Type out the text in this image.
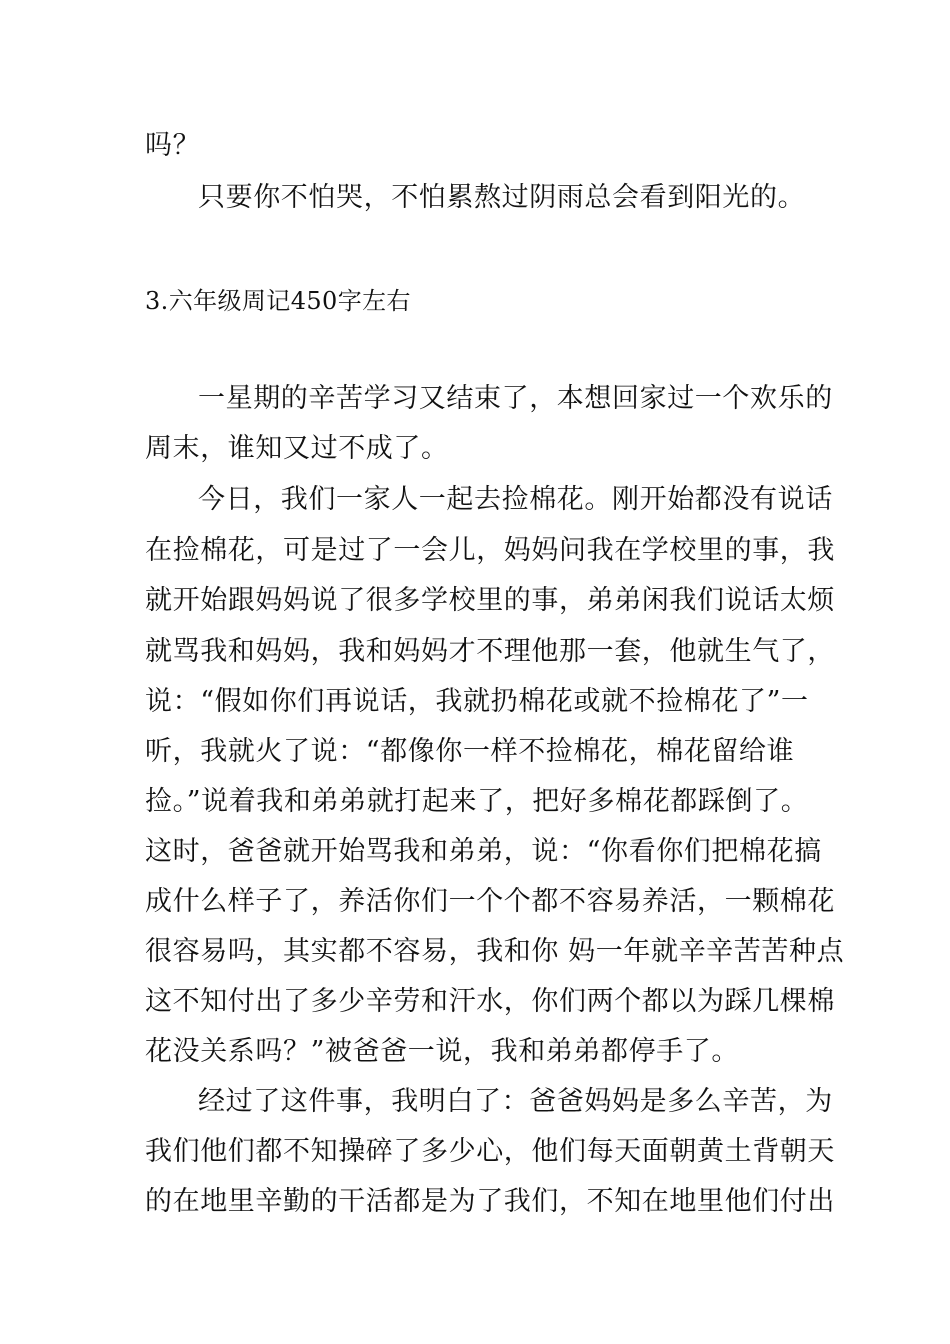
吗？
只要你不怕哭，不怕累熬过阴雨总会看到阳光的。
3.六年级周记450字左右
一星期的辛苦学习又结束了，本想回家过一个欢乐的
周末，谁知又过不成了。
今日，我们一家人一起去捡棉花。刚开始都没有说话
在捡棉花，可是过了一会儿，妈妈问我在学校里的事，我
就开始跟妈妈说了很多学校里的事，弟弟闲我们说话太烦
就骂我和妈妈，我和妈妈才不理他那一套，他就生气了，
说：“假如你们再说话，我就扔棉花或就不捡棉花了”一
听，我就火了说：“都像你一样不捡棉花，棉花留给谁
捡。”说着我和弟弟就打起来了，把好多棉花都踩倒了。
这时，爸爸就开始骂我和弟弟，说：“你看你们把棉花搞
成什么样子了，养活你们一个个都不容易养活，一颗棉花
很容易吗，其实都不容易，我和你 妈一年就辛辛苦苦种点
这不知付出了多少辛劳和汗水，你们两个都以为踩几棵棉
花没关系吗？”被爸爸一说，我和弟弟都停手了。
经过了这件事，我明白了：爸爸妈妈是多么辛苦，为
我们他们都不知操碎了多少心，他们每天面朝黄土背朝天
的在地里辛勤的干活都是为了我们，不知在地里他们付出
